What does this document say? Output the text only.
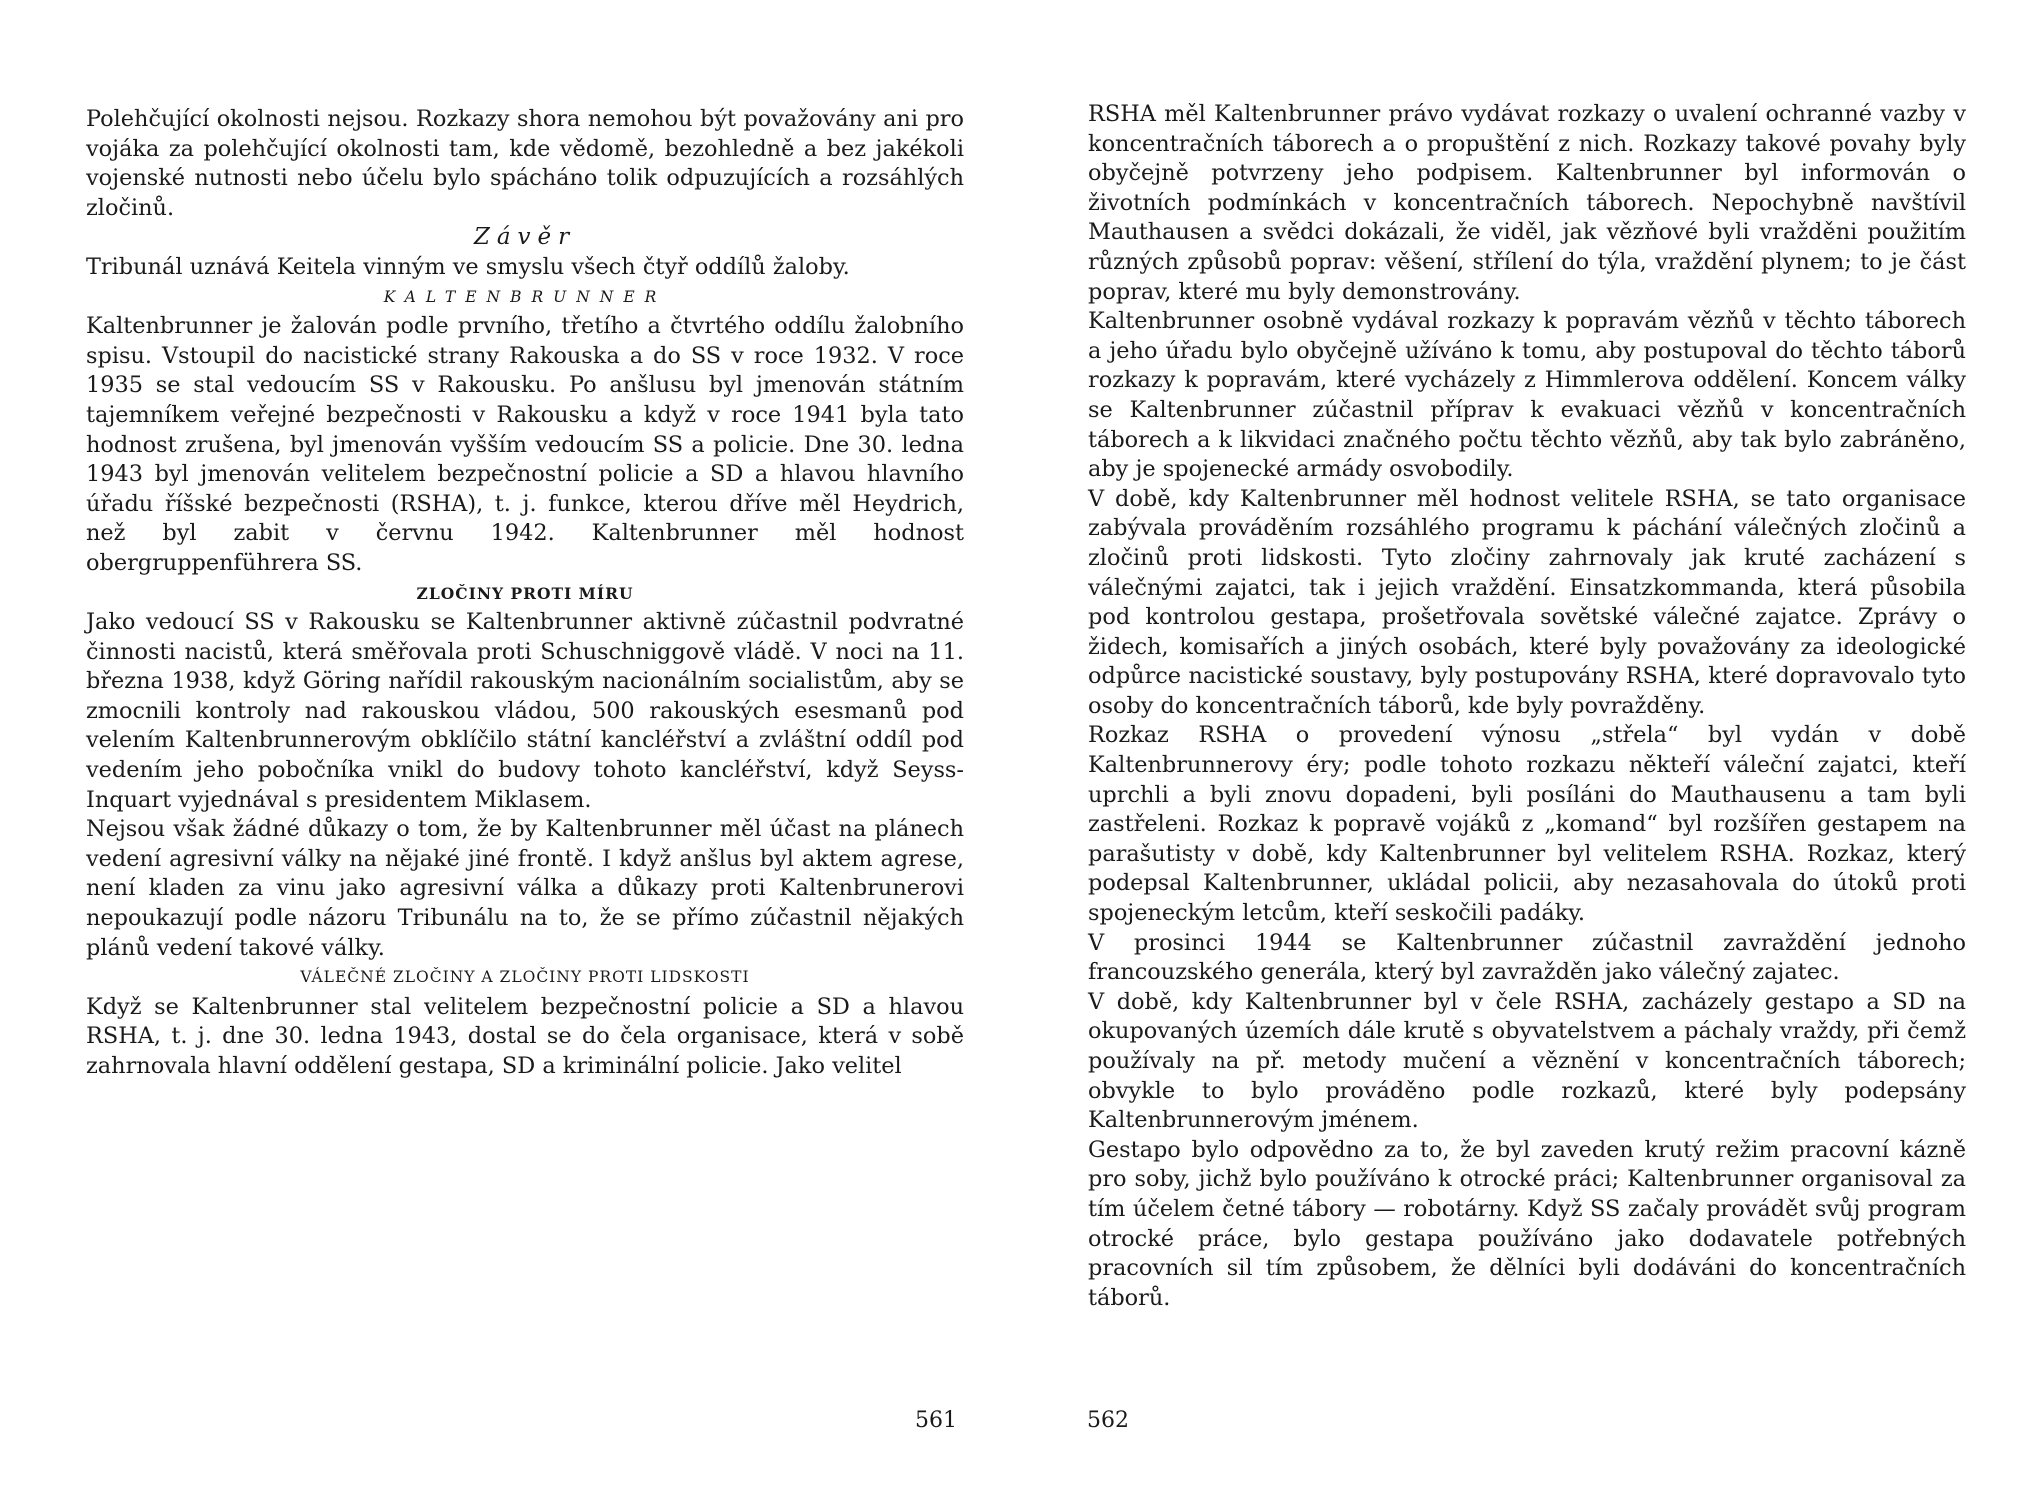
Polehčující okolnosti nejsou. Rozkazy shora nemohou být považovány ani pro vojáka za polehčující okolnosti tam, kde vědomě, bezohledně a bez jakékoli vojenské nutnosti nebo účelu bylo spácháno tolik odpuzujících a rozsáhlých zločinů.

Závěr

Tribunál uznává Keitela vinným ve smyslu všech čtyř oddílů žaloby.

KALTENBRUNNER

Kaltenbrunner je žalován podle prvního, třetího a čtvrtého oddílu žalobního spisu. Vstoupil do nacistické strany Rakouska a do SS v roce 1932. V roce 1935 se stal vedoucím SS v Rakousku. Po anšlusu byl jmenován státním tajemníkem veřejné bezpečnosti v Rakousku a když v roce 1941 byla tato hodnost zrušena, byl jmenován vyšším vedoucím SS a policie. Dne 30. ledna 1943 byl jmenován velitelem bezpečnostní policie a SD a hlavou hlavního úřadu říšské bezpečnosti (RSHA), t. j. funkce, kterou dříve měl Heydrich, než byl zabit v červnu 1942. Kaltenbrunner měl hodnost obergruppenführera SS.

ZLOČINY PROTI MÍRU

Jako vedoucí SS v Rakousku se Kaltenbrunner aktivně zúčastnil podvratné činnosti nacistů, která směřovala proti Schuschniggově vládě. V noci na 11. března 1938, když Göring nařídil rakouským nacionálním socialistům, aby se zmocnili kontroly nad rakouskou vládou, 500 rakouských esesmanů pod velením Kaltenbrunnerovým obklíčilo státní kancléřství a zvláštní oddíl pod vedením jeho pobočníka vnikl do budovy tohoto kancléřství, když Seyss-Inquart vyjednával s presidentem Miklasem.

Nejsou však žádné důkazy o tom, že by Kaltenbrunner měl účast na plánech vedení agresivní války na nějaké jiné frontě. I když anšlus byl aktem agrese, není kladen za vinu jako agresivní válka a důkazy proti Kaltenbrunerovi nepoukazují podle názoru Tribunálu na to, že se přímo zúčastnil nějakých plánů vedení takové války.

VÁLEČNÉ ZLOČINY A ZLOČINY PROTI LIDSKOSTI

Když se Kaltenbrunner stal velitelem bezpečnostní policie a SD a hlavou RSHA, t. j. dne 30. ledna 1943, dostal se do čela organisace, která v sobě zahrnovala hlavní oddělení gestapa, SD a kriminální policie. Jako velitel

561

RSHA měl Kaltenbrunner právo vydávat rozkazy o uvalení ochranné vazby v koncentračních táborech a o propuštění z nich. Rozkazy takové povahy byly obyčejně potvrzeny jeho podpisem. Kaltenbrunner byl informován o životních podmínkách v koncentračních táborech. Nepochybně navštívil Mauthausen a svědci dokázali, že viděl, jak vězňové byli vražděni použitím různých způsobů poprav: věšení, střílení do týla, vraždění plynem; to je část poprav, které mu byly demonstrovány.

Kaltenbrunner osobně vydával rozkazy k popravám vězňů v těchto táborech a jeho úřadu bylo obyčejně užíváno k tomu, aby postupoval do těchto táborů rozkazy k popravám, které vycházely z Himmlerova oddělení. Koncem války se Kaltenbrunner zúčastnil příprav k evakuaci vězňů v koncentračních táborech a k likvidaci značného počtu těchto vězňů, aby tak bylo zabráněno, aby je spojenecké armády osvobodily.

V době, kdy Kaltenbrunner měl hodnost velitele RSHA, se tato organisace zabývala prováděním rozsáhlého programu k páchání válečných zločinů a zločinů proti lidskosti. Tyto zločiny zahrnovaly jak kruté zacházení s válečnými zajatci, tak i jejich vraždění. Einsatzkommanda, která působila pod kontrolou gestapa, prošetřovala sovětské válečné zajatce. Zprávy o židech, komisařích a jiných osobách, které byly považovány za ideologické odpůrce nacistické soustavy, byly postupovány RSHA, které dopravovalo tyto osoby do koncentračních táborů, kde byly povražděny.

Rozkaz RSHA o provedení výnosu „střela“ byl vydán v době Kaltenbrunnerovy éry; podle tohoto rozkazu někteří váleční zajatci, kteří uprchli a byli znovu dopadeni, byli posíláni do Mauthausenu a tam byli zastřeleni. Rozkaz k popravě vojáků z „komand“ byl rozšířen gestapem na parašutisty v době, kdy Kaltenbrunner byl velitelem RSHA. Rozkaz, který podepsal Kaltenbrunner, ukládal policii, aby nezasahovala do útoků proti spojeneckým letcům, kteří seskočili padáky.

V prosinci 1944 se Kaltenbrunner zúčastnil zavraždění jednoho francouzského generála, který byl zavražděn jako válečný zajatec.

V době, kdy Kaltenbrunner byl v čele RSHA, zacházely gestapo a SD na okupovaných územích dále krutě s obyvatelstvem a páchaly vraždy, při čemž používaly na př. metody mučení a věznění v koncentračních táborech; obvykle to bylo prováděno podle rozkazů, které byly podepsány Kaltenbrunnerovým jménem.

Gestapo bylo odpovědno za to, že byl zaveden krutý režim pracovní kázně pro soby, jichž bylo používáno k otrocké práci; Kaltenbrunner organisoval za tím účelem četné tábory — robotárny. Když SS začaly provádět svůj program otrocké práce, bylo gestapa používáno jako dodavatele potřebných pracovních sil tím způsobem, že dělníci byli dodáváni do koncentračních táborů.

562
